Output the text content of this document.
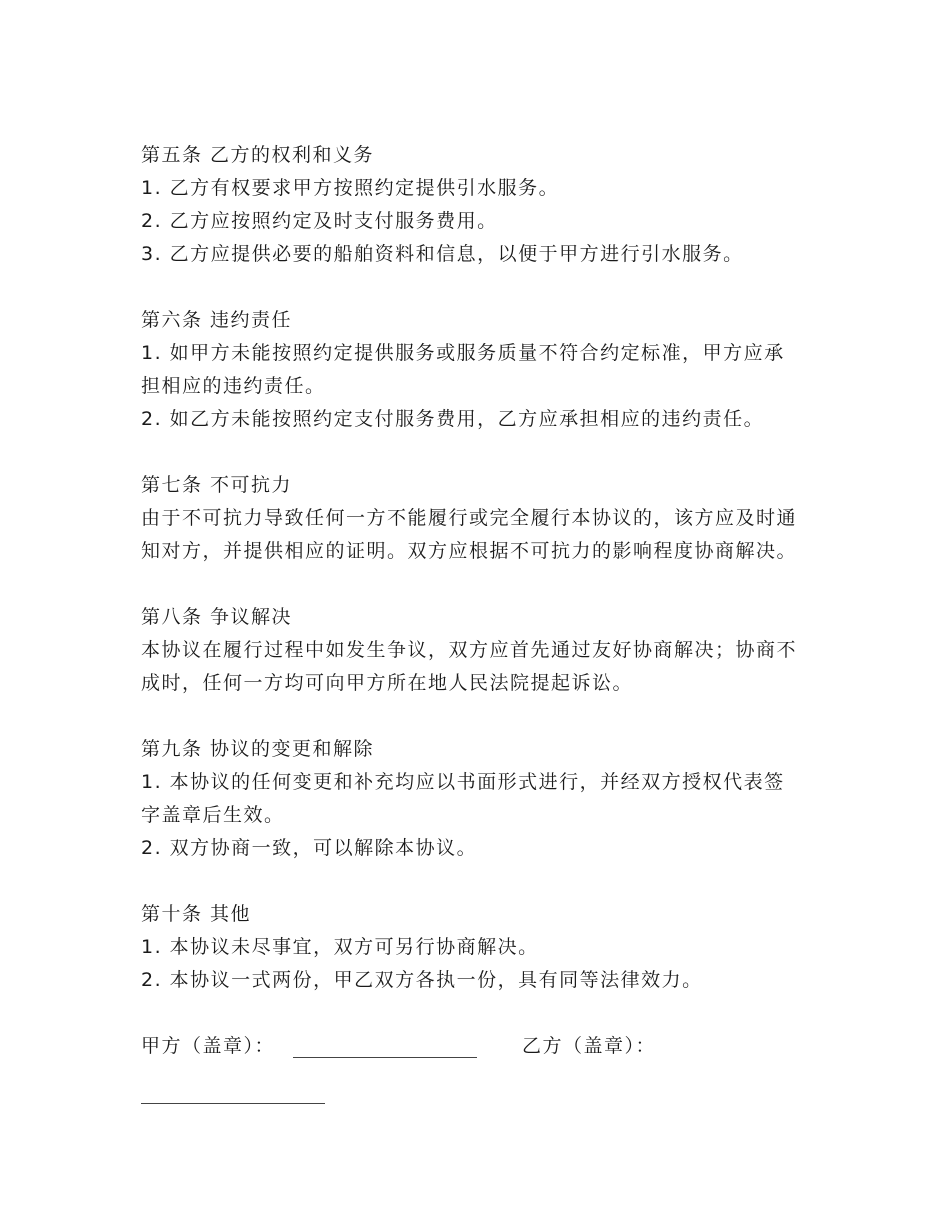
第五条 乙方的权利和义务
1. 乙方有权要求甲方按照约定提供引水服务。
2. 乙方应按照约定及时支付服务费用。
3. 乙方应提供必要的船舶资料和信息，以便于甲方进行引水服务。
第六条 违约责任
1. 如甲方未能按照约定提供服务或服务质量不符合约定标准，甲方应承担相应的违约责任。
2. 如乙方未能按照约定支付服务费用，乙方应承担相应的违约责任。
第七条 不可抗力
由于不可抗力导致任何一方不能履行或完全履行本协议的，该方应及时通知对方，并提供相应的证明。双方应根据不可抗力的影响程度协商解决。
第八条 争议解决
本协议在履行过程中如发生争议，双方应首先通过友好协商解决；协商不成时，任何一方均可向甲方所在地人民法院提起诉讼。
第九条 协议的变更和解除
1. 本协议的任何变更和补充均应以书面形式进行，并经双方授权代表签字盖章后生效。
2. 双方协商一致，可以解除本协议。
第十条 其他
1. 本协议未尽事宜，双方可另行协商解决。
2. 本协议一式两份，甲乙双方各执一份，具有同等法律效力。
甲方（盖章）：	乙方（盖章）：
